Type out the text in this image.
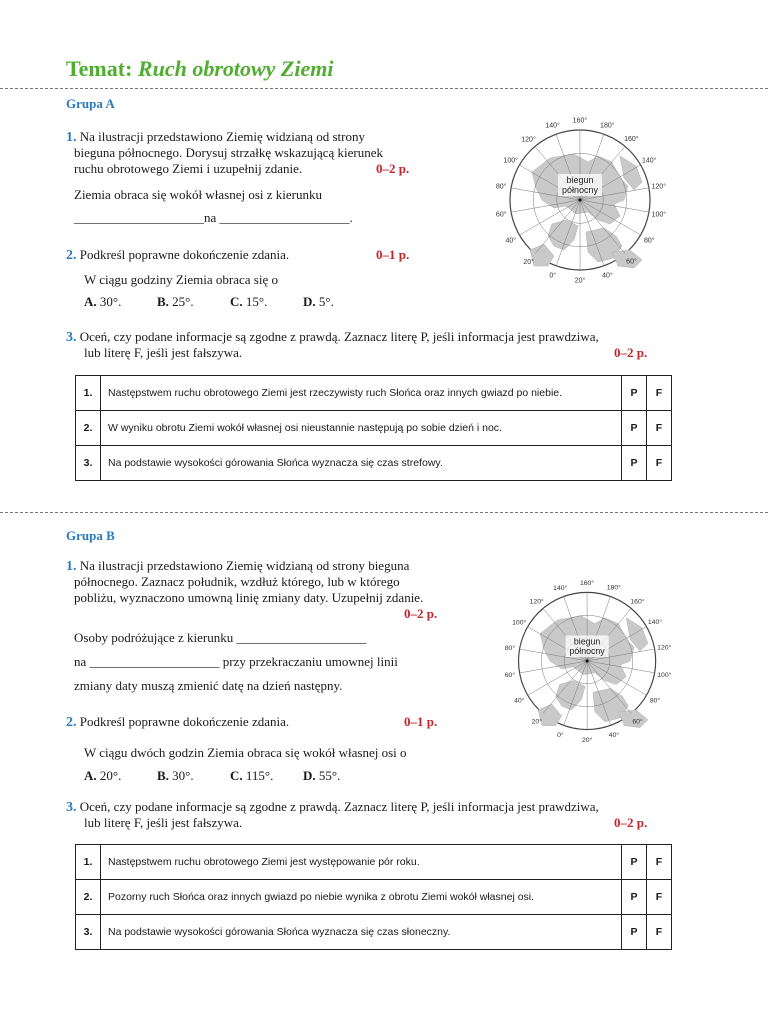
Temat: Ruch obrotowy Ziemi
Grupa A
1. Na ilustracji przedstawiono Ziemię widzianą od strony
bieguna północnego. Dorysuj strzałkę wskazującą kierunek
ruchu obrotowego Ziemi i uzupełnij zdanie.	0–2 p.
Ziemia obraca się wokół własnej osi z kierunku
____________________na ____________________.
2. Podkreśl poprawne dokończenie zdania.	0–1 p.
W ciągu godziny Ziemia obraca się o
A. 30°.	B. 25°.	C. 15°.	D. 5°.
3. Oceń, czy podane informacje są zgodne z prawdą. Zaznacz literę P, jeśli informacja jest prawdziwa,
lub literę F, jeśli jest fałszywa.	0–2 p.
1.	Następstwem ruchu obrotowego Ziemi jest rzeczywisty ruch Słońca oraz innych gwiazd po niebie.	P	F
2.	W wyniku obrotu Ziemi wokół własnej osi nieustannie następują po sobie dzień i noc.	P	F
3.	Na podstawie wysokości górowania Słońca wyznacza się czas strefowy.	P	F
140°
160°
180°
160°
140°
120°
100°
80°
60°
40°
20°
0°
20°
40°
60°
80°
100°
120°
biegun
północny
Grupa B
1. Na ilustracji przedstawiono Ziemię widzianą od strony bieguna
północnego. Zaznacz południk, wzdłuż którego, lub w którego
pobliżu, wyznaczono umowną linię zmiany daty. Uzupełnij zdanie.
0–2 p.
Osoby podróżujące z kierunku ____________________
na ____________________ przy przekraczaniu umownej linii
zmiany daty muszą zmienić datę na dzień następny.
2. Podkreśl poprawne dokończenie zdania.	0–1 p.
W ciągu dwóch godzin Ziemia obraca się wokół własnej osi o
A. 20°.	B. 30°.	C. 115°. D. 55°.
3. Oceń, czy podane informacje są zgodne z prawdą. Zaznacz literę P, jeśli informacja jest prawdziwa,
lub literę F, jeśli jest fałszywa.	0–2 p.
1.	Następstwem ruchu obrotowego Ziemi jest występowanie pór roku.	P	F
2.	Pozorny ruch Słońca oraz innych gwiazd po niebie wynika z obrotu Ziemi wokół własnej osi.	P	F
3.	Na podstawie wysokości górowania Słońca wyznacza się czas słoneczny.	P	F
140°
160°
180°
160°
140°
120°
100°
80°
60°
40°
20°
0°
20°
40°
60°
80°
100°
120°
biegun
północny
